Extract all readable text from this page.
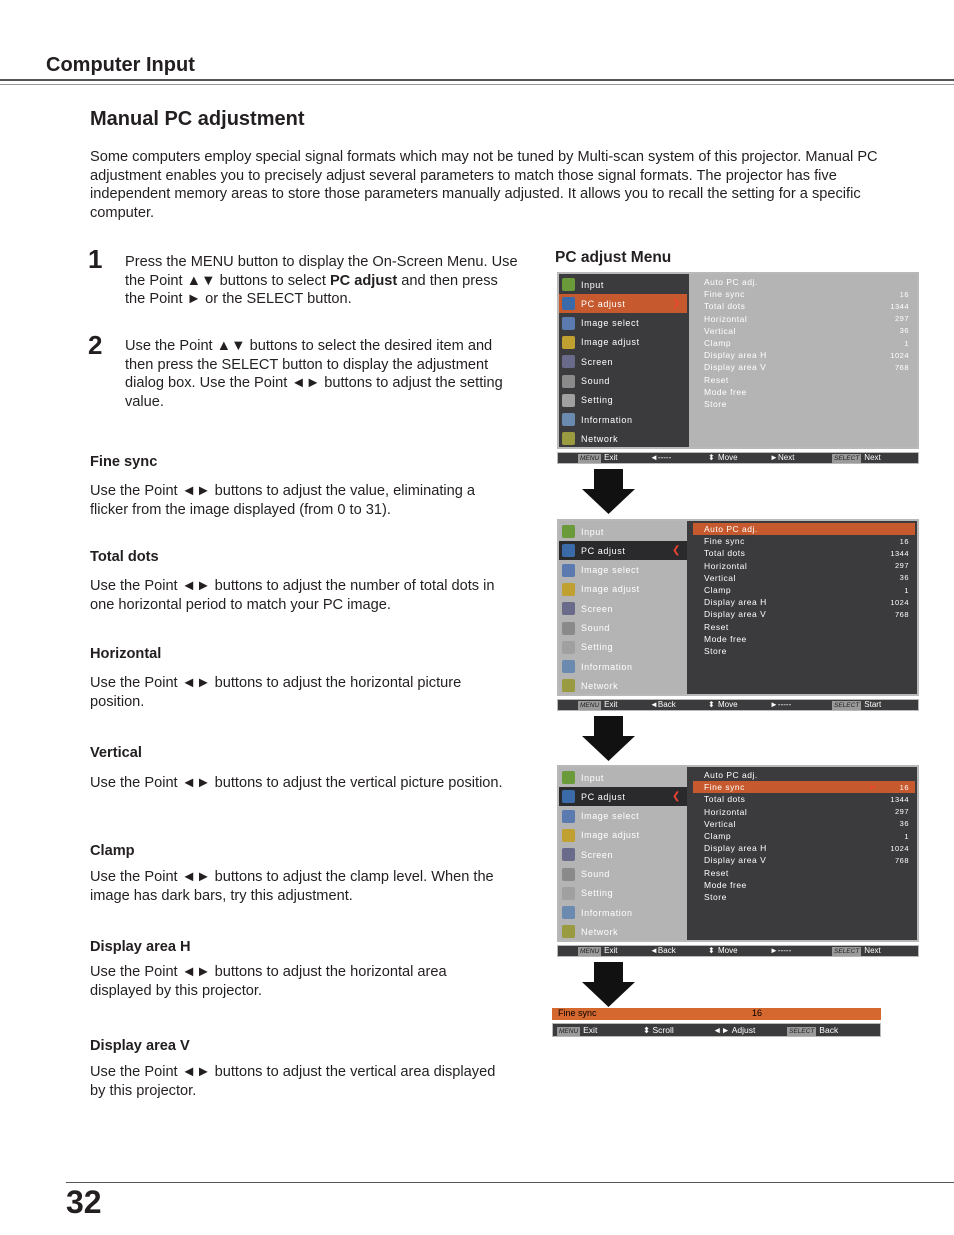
Computer Input
Manual PC adjustment
Some computers employ special signal formats which may not be tuned by Multi-scan system of this projector. Manual PC adjustment enables you to precisely adjust several parameters to match those signal formats. The projector has five independent memory areas to store those parameters manually adjusted. It allows you to recall the setting for a specific computer.
1 Press the MENU button to display the On-Screen Menu. Use the Point ▲▼ buttons to select PC adjust and then press the Point ► or the SELECT button.
2 Use the Point ▲▼ buttons to select the desired item and then press the SELECT button to display the adjustment dialog box. Use the Point ◄► buttons to adjust the setting value.
Fine sync
Use the Point ◄► buttons to adjust the value, eliminating a flicker from the image displayed (from 0 to 31).
Total dots
Use the Point ◄► buttons to adjust the number of total dots in one horizontal period to match your PC image.
Horizontal
Use the Point ◄► buttons to adjust the horizontal picture position.
Vertical
Use the Point ◄► buttons to adjust the vertical picture position.
Clamp
Use the Point ◄► buttons to adjust the clamp level. When the image has dark bars, try this adjustment.
Display area H
Use the Point ◄► buttons to adjust the horizontal area displayed by this projector.
Display area V
Use the Point ◄► buttons to adjust the vertical area displayed by this projector.
PC adjust Menu
Input
PC adjust	❯
Image select
Image adjust
Screen
Sound
Setting
Information
Network
Auto PC adj.
Fine sync	16
Total dots	1344
Horizontal	297
Vertical	36
Clamp	1
Display area H	1024
Display area V	768
Reset
Mode free
Store
MENU Exit	◄-----	⬍ Move	► Next	SELECT Next
Input
PC adjust	❮
Image select
Image adjust
Screen
Sound
Setting
Information
Network
Auto PC adj.
Fine sync	16
Total dots	1344
Horizontal	297
Vertical	36
Clamp	1
Display area H	1024
Display area V	768
Reset
Mode free
Store
MENU Exit	◄Back	⬍ Move	►-----	SELECT Start
Input
PC adjust	❮
Image select
Image adjust
Screen
Sound
Setting
Information
Network
Auto PC adj.
Fine sync	16
↵
Total dots	1344
Horizontal	297
Vertical	36
Clamp	1
Display area H	1024
Display area V	768
Reset
Mode free
Store
MENU Exit	◄Back	⬍ Move	►-----	SELECT Next
Fine sync	16
MENU Exit	⬍ Scroll	◄► Adjust	SELECT Back
32
